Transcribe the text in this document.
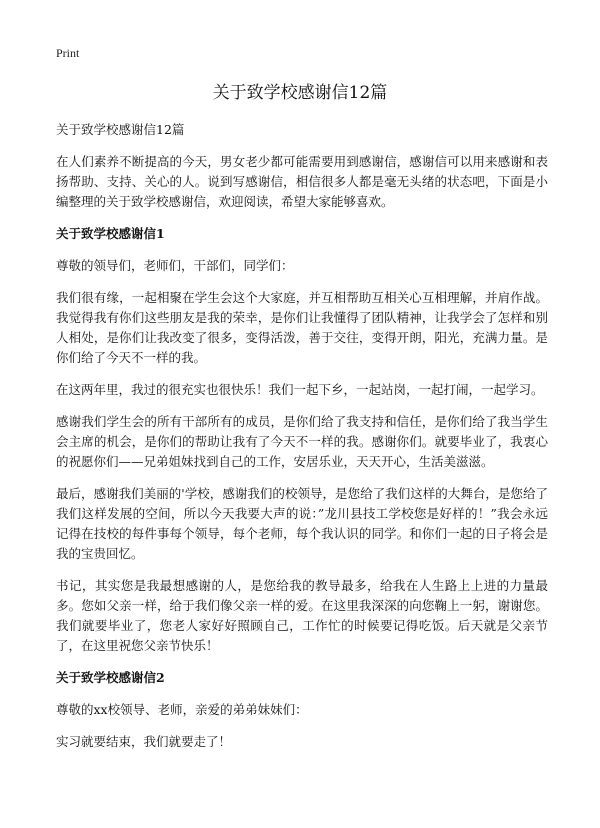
Print
关于致学校感谢信12篇

关于致学校感谢信12篇

在人们素养不断提高的今天，男女老少都可能需要用到感谢信，感谢信可以用来感谢和表扬帮助、支持、关心的人。说到写感谢信，相信很多人都是毫无头绪的状态吧，下面是小编整理的关于致学校感谢信，欢迎阅读，希望大家能够喜欢。

关于致学校感谢信1

尊敬的领导们，老师们，干部们，同学们：

我们很有缘，一起相聚在学生会这个大家庭，并互相帮助互相关心互相理解，并肩作战。我觉得我有你们这些朋友是我的荣幸，是你们让我懂得了团队精神，让我学会了怎样和别人相处，是你们让我改变了很多，变得活泼，善于交往，变得开朗，阳光，充满力量。是你们给了今天不一样的我。

在这两年里，我过的很充实也很快乐！我们一起下乡，一起站岗，一起打闹，一起学习。

感谢我们学生会的所有干部所有的成员，是你们给了我支持和信任，是你们给了我当学生会主席的机会，是你们的帮助让我有了今天不一样的我。感谢你们。就要毕业了，我衷心的祝愿你们——兄弟姐妹找到自己的工作，安居乐业，天天开心，生活美滋滋。

最后，感谢我们美丽的'学校，感谢我们的校领导，是您给了我们这样的大舞台，是您给了我们这样发展的空间，所以今天我要大声的说：”龙川县技工学校您是好样的！”我会永远记得在技校的每件事每个领导，每个老师，每个我认识的同学。和你们一起的日子将会是我的宝贵回忆。

书记，其实您是我最想感谢的人，是您给我的教导最多，给我在人生路上上进的力量最多。您如父亲一样，给于我们像父亲一样的爱。在这里我深深的向您鞠上一躬，谢谢您。我们就要毕业了，您老人家好好照顾自己，工作忙的时候要记得吃饭。后天就是父亲节了，在这里祝您父亲节快乐！

关于致学校感谢信2

尊敬的xx校领导、老师，亲爱的弟弟妹妹们：

实习就要结束，我们就要走了！
